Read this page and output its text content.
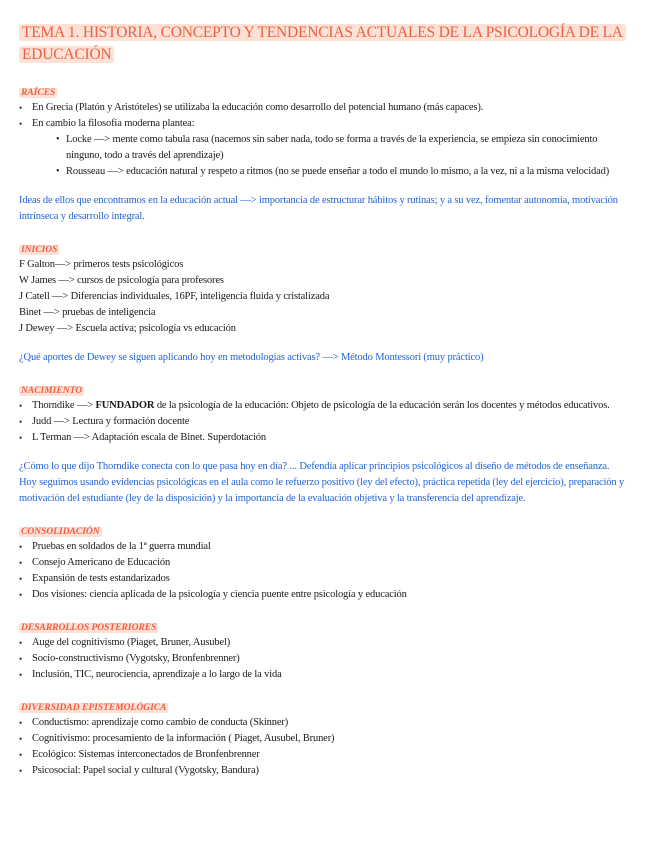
TEMA 1. HISTORIA, CONCEPTO Y TENDENCIAS ACTUALES DE LA PSICOLOGÍA DE LA EDUCACIÓN
RAÍCES
• En Grecia (Platón y Aristóteles) se utilizaba la educación como desarrollo del potencial humano (más capaces).
• En cambio la filosofía moderna plantea:
• Locke —> mente como tabula rasa (nacemos sin saber nada, todo se forma a través de la experiencia, se empieza sin conocimiento ninguno, todo a través del aprendizaje)
• Rousseau —> educación natural y respeto a ritmos (no se puede enseñar a todo el mundo lo mismo, a la vez, ni a la misma velocidad)

Ideas de ellos que encontramos en la educación actual —> importancia de estructurar hábitos y rutinas; y a su vez, fomentar autonomía, motivación intrínseca y desarrollo integral.

INICIOS

F Galton—> primeros tests psicológicos

W James —> cursos de psicología para profesores

J Catell —> Diferencias individuales, 16PF, inteligencia fluida y cristalizada

Binet —> pruebas de inteligencia

J Dewey —> Escuela activa; psicología vs educación

¿Qué aportes de Dewey se siguen aplicando hoy en metodologías activas? —> Método Montessori (muy práctico)

NACIMIENTO
• Thorndike —> FUNDADOR de la psicología de la educación: Objeto de psicología de la educación serán los docentes y métodos educativos.
• Judd —> Lectura y formación docente
• L Terman —> Adaptación escala de Binet. Superdotación

¿Cómo lo que dijo Thorndike conecta con lo que pasa hoy en día? ... Defendía aplicar principios psicológicos al diseño de métodos de enseñanza. Hoy seguimos usando evidencias psicológicas en el aula como le refuerzo positivo (ley del efecto), práctica repetida (ley del ejercicio), preparación y motivación del estudiante (ley de la disposición) y la importancia de la evaluación objetiva y la transferencia del aprendizaje.

CONSOLIDACIÓN
• Pruebas en soldados de la 1ª guerra mundial
• Consejo Americano de Educación
• Expansión de tests estandarizados
• Dos visiones: ciencia aplicada de la psicología y ciencia puente entre psicología y educación
DESARROLLOS POSTERIORES
• Auge del cognitivismo (Piaget, Bruner, Ausubel)
• Socio-constructivismo (Vygotsky, Bronfenbrenner)
• Inclusión, TIC, neurociencia, aprendizaje a lo largo de la vida
DIVERSIDAD EPISTEMOLÓGICA
• Conductismo: aprendizaje como cambio de conducta (Skinner)
• Cognitivismo: procesamiento de la información ( Piaget, Ausubel, Bruner)
• Ecológico: Sistemas interconectados de Bronfenbrenner
• Psicosocial: Papel social y cultural (Vygotsky, Bandura)
